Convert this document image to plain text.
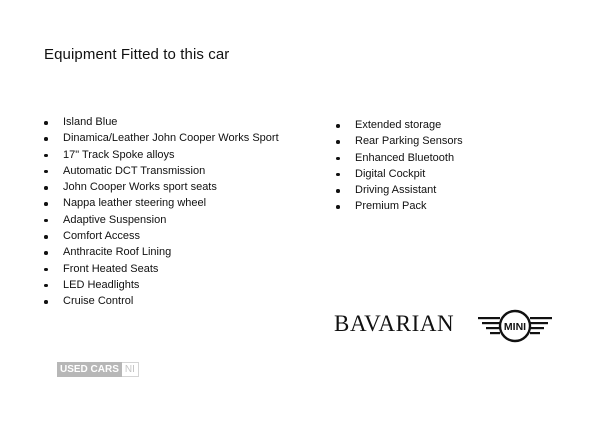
Equipment Fitted to this car
Island Blue
Dinamica/Leather John Cooper Works Sport
17" Track Spoke alloys
Automatic DCT Transmission
John Cooper Works sport seats
Nappa leather steering wheel
Adaptive Suspension
Comfort Access
Anthracite Roof Lining
Front Heated Seats
LED Headlights
Cruise Control
Extended storage
Rear Parking Sensors
Enhanced Bluetooth
Digital Cockpit
Driving Assistant
Premium Pack
BAVARIAN	MINI
USED CARS NI
